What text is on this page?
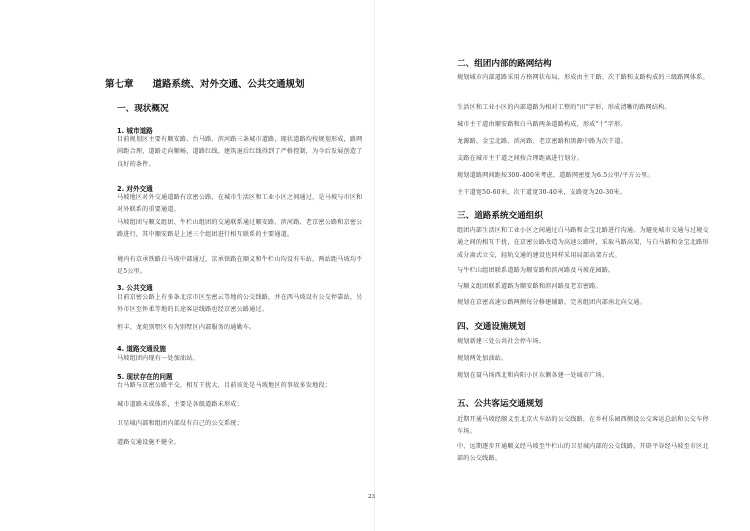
第七章　　道路系统、对外交通、公共交通规划
一、现状概况
1. 城市道路
目前规划区主要有顺安路、台马路、滨河路三条城市道路，现状道路均按规划形成，路网间距合理，道路走向顺畅，道路红线、建筑退后红线得到了严格控制，为今后发展创造了良好的条件。
2. 对外交通
马坡地区对外交通道路有京密公路，在城市生活区和工业小区之间通过，是马坡与市区和对外联系的重要通道。
马坡组团与顺义组团、牛栏山组团的交通联系通过顺安路、滨河路、老京密公路和京密公路进行，其中顺安路是上述三个组团进行相互联系的主要通道。
境内有京承铁路白马坡中部通过，京承铁路在顺义和牛栏山均设有车站，两站距马坡均不足5公里。
3. 公共交通
目前京密公路上有多条北京市区至密云等地的公交线路，并在西马坡设有公交停靠站，另外市区至怀柔等地的长途客运线路也经京密公路通过。
恒丰、龙苑别墅区有为别墅区内部服务的通勤车。
4. 道路交通设施
马坡组团内现有一处加油站。
5. 现状存在的问题
台马路与京密公路平交，相互干扰大，目前该处是马坡地区的事故多发地段；
城市道路未成体系，主要是各级道路未形成；
卫星城内部和组团内部没有自己的公交系统；
道路交通设施不健全。
二、组团内部的路网结构
规划城市内部道路采用方格网状布局，形成由主干路、次干路和支路构成的三级路网体系。
生活区和工业小区的内部道路为相对工整的"田"字形，形成清晰的路网结构。
城市主干道由顺安路和白马路两条道路构成，形成"十"字形。
龙源路、金宝北路、滨河路、老京密路和黑源中路为次干道。
支路在城市主干道之间按合理距离进行划分。
规划道路网间距按300-400米考虑，道路网密度为6.5公里/平方公里。
主干道宽50-60米，次干道宽30-40米，支路宽为20-30米。
三、道路系统交通组织
组团内部生活区和工业小区之间通过白马路和金宝北路进行沟通。为避免城市交通与过境交通之间的相互干扰，在京密公路改造为高速公路时，采取马路高架，与白马路和金宝北路形成分离式立交，轻轨交通的建设也同样采用局部高架方式。
与牛栏山组团联系道路为顺安路和滨河路及马坡花园路。
与顺义组团联系道路为顺安路和滨河路及老京密路。
规划在京密高速公路两侧每分修建辅路，完善组团内部南北向交通。
四、交通设施规划
规划新建三处公共社会停车场。
规划两处加油站。
规划在聂马场西北和向阳小区东侧各建一处城市广场。
五、公共客运交通规划
近期开通马坡经顺义至北京火车站的公交线路，在乡村乐园西侧设公交客运总站和公交车停车场。
中、远期逐步开通顺义经马坡至牛栏山的卫星城内部的公交线路，开辟平谷经马坡至市区北部的公交线路。
23
